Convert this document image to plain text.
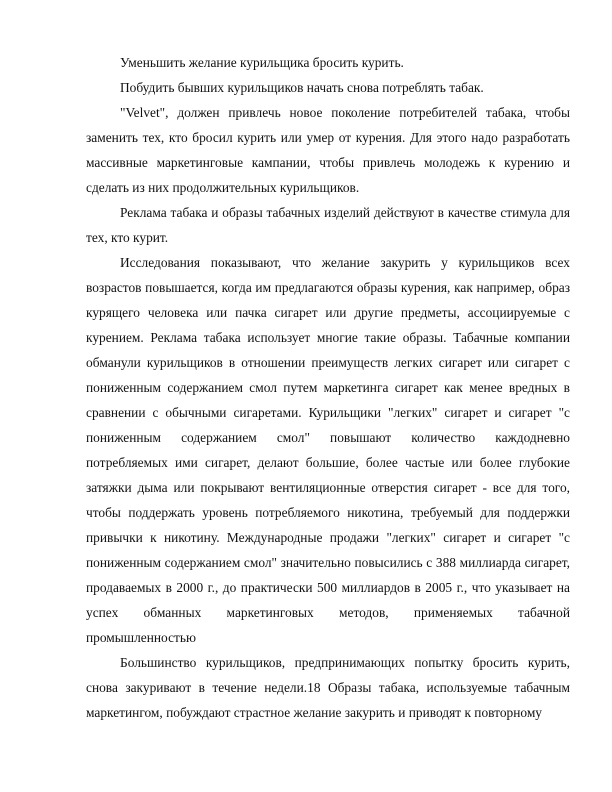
Уменьшить желание курильщика бросить курить.

Побудить бывших курильщиков начать снова потреблять табак.

"Velvet", должен привлечь новое поколение потребителей табака, чтобы заменить тех, кто бросил курить или умер от курения. Для этого надо разработать массивные маркетинговые кампании, чтобы привлечь молодежь к курению и сделать из них продолжительных курильщиков.

Реклама табака и образы табачных изделий действуют в качестве стимула для тех, кто курит.

Исследования показывают, что желание закурить у курильщиков всех возрастов повышается, когда им предлагаются образы курения, как например, образ курящего человека или пачка сигарет или другие предметы, ассоциируемые с курением. Реклама табака использует многие такие образы. Табачные компании обманули курильщиков в отношении преимуществ легких сигарет или сигарет с пониженным содержанием смол путем маркетинга сигарет как менее вредных в сравнении с обычными сигаретами. Курильщики "легких" сигарет и сигарет "с пониженным содержанием смол" повышают количество каждодневно потребляемых ими сигарет, делают большие, более частые или более глубокие затяжки дыма или покрывают вентиляционные отверстия сигарет - все для того, чтобы поддержать уровень потребляемого никотина, требуемый для поддержки привычки к никотину. Международные продажи "легких" сигарет и сигарет "с пониженным содержанием смол" значительно повысились с 388 миллиарда сигарет, продаваемых в 2000 г., до практически 500 миллиардов в 2005 г., что указывает на успех обманных маркетинговых методов, применяемых табачной промышленностью

Большинство курильщиков, предпринимающих попытку бросить курить, снова закуривают в течение недели.18 Образы табака, используемые табачным маркетингом, побуждают страстное желание закурить и приводят к повторному
